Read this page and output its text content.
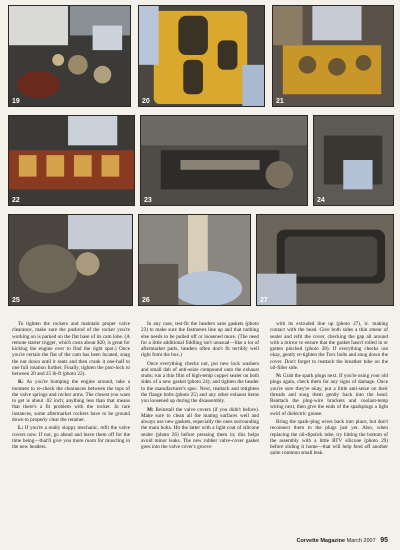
19	20	21
22	23	24
25	26	27

To tighten the rockers and maintain proper valve clearance, make sure the pushrod of the rocker you're working on is parked on the flat base of its cam lobe. (A remote starter trigger, which costs about $20, is great for kicking the engine over to find the right spot.) Once you're certain the flat of the cam has been located, snug the nut down until it seats and then crank it one-half to one full rotation further. Finally, tighten the posi-lock to between 20 and 25 lb-ft (photo 22).

K: As you're bumping the engine around, take a moment to re-check the clearances between the tops of the valve springs and rocker arms. The closest you want to get is about .02 inch; anything less than that means that there's a fit problem with the rocker. In rare instances, some aftermarket rockers have to be ground down to properly clear the retainer.

L: If you're a really sloppy mechanic, refit the valve covers now. If not, go ahead and leave them off for the time being—that'll give you more room for muscling in the new headers.

In any case, test-fit the headers sans gaskets (photo 23) to make sure the fastmeres line up and that nothing else needs to be pulled off or loosened more. (The need for a little additional fiddling isn't unusual—like a lot of aftermarket parts, headers often don't fit terribly well right from the box.)

Once everything checks out, put new lock washers and small dab of anti-seize compound onto the exhaust studs; run a thin film of high-temp copper sealer on both sides of a new gasket (photo 24); and tighten the header to the manufacturer's spec. Next, reattach and retighten the flange bolts (photo 25) and any other exhaust items you loosened up during the disassembly.

M: Reinstall the valve covers (if you didn't before). Make sure to clean all the mating surfaces well and always use new gaskets, especially the ones surrounding the main bolts. Hit the latter with a light coat of silicone sealer (photo 26) before pressing them in; this helps avoid minor leaks. The new rubber valve-cover gasket goes into the valve cover's groove

with its extruded line up (photo 27), ic. making contact with the head. Give both sides a thin smear of sealer and refit the cover, checking the gap all around with a mirror to ensure that the gasket hasn't rolled in or gotten pinched (photo 28). If everything checks out okay, gently re-tighten the Torx bolts and snug down the cover. Don't forget to reattach the breather tube on the oil-filler side.

N: Grab the spark plugs next. If you're using your old plugs again, check them for any signs of damage. Once you're sure they're okay, put a little anti-seize on their threads and snug them gently back into the head. Reattach the plug-wire brackets and coolant-temp wiring next, then give the ends of the sparkplugs a light swirl of dielectric grease.

Bring the spark-plug wires back into place, but don't reconnect them to the plugs just yet. Also, when replacing the oil-dipstick tube, try hitting the bottom of the assembly with a little RTV silicone (photo 29) before sliding it home—that will help fend off another quite common small leak.

Corvette Magazine March 2007 95
